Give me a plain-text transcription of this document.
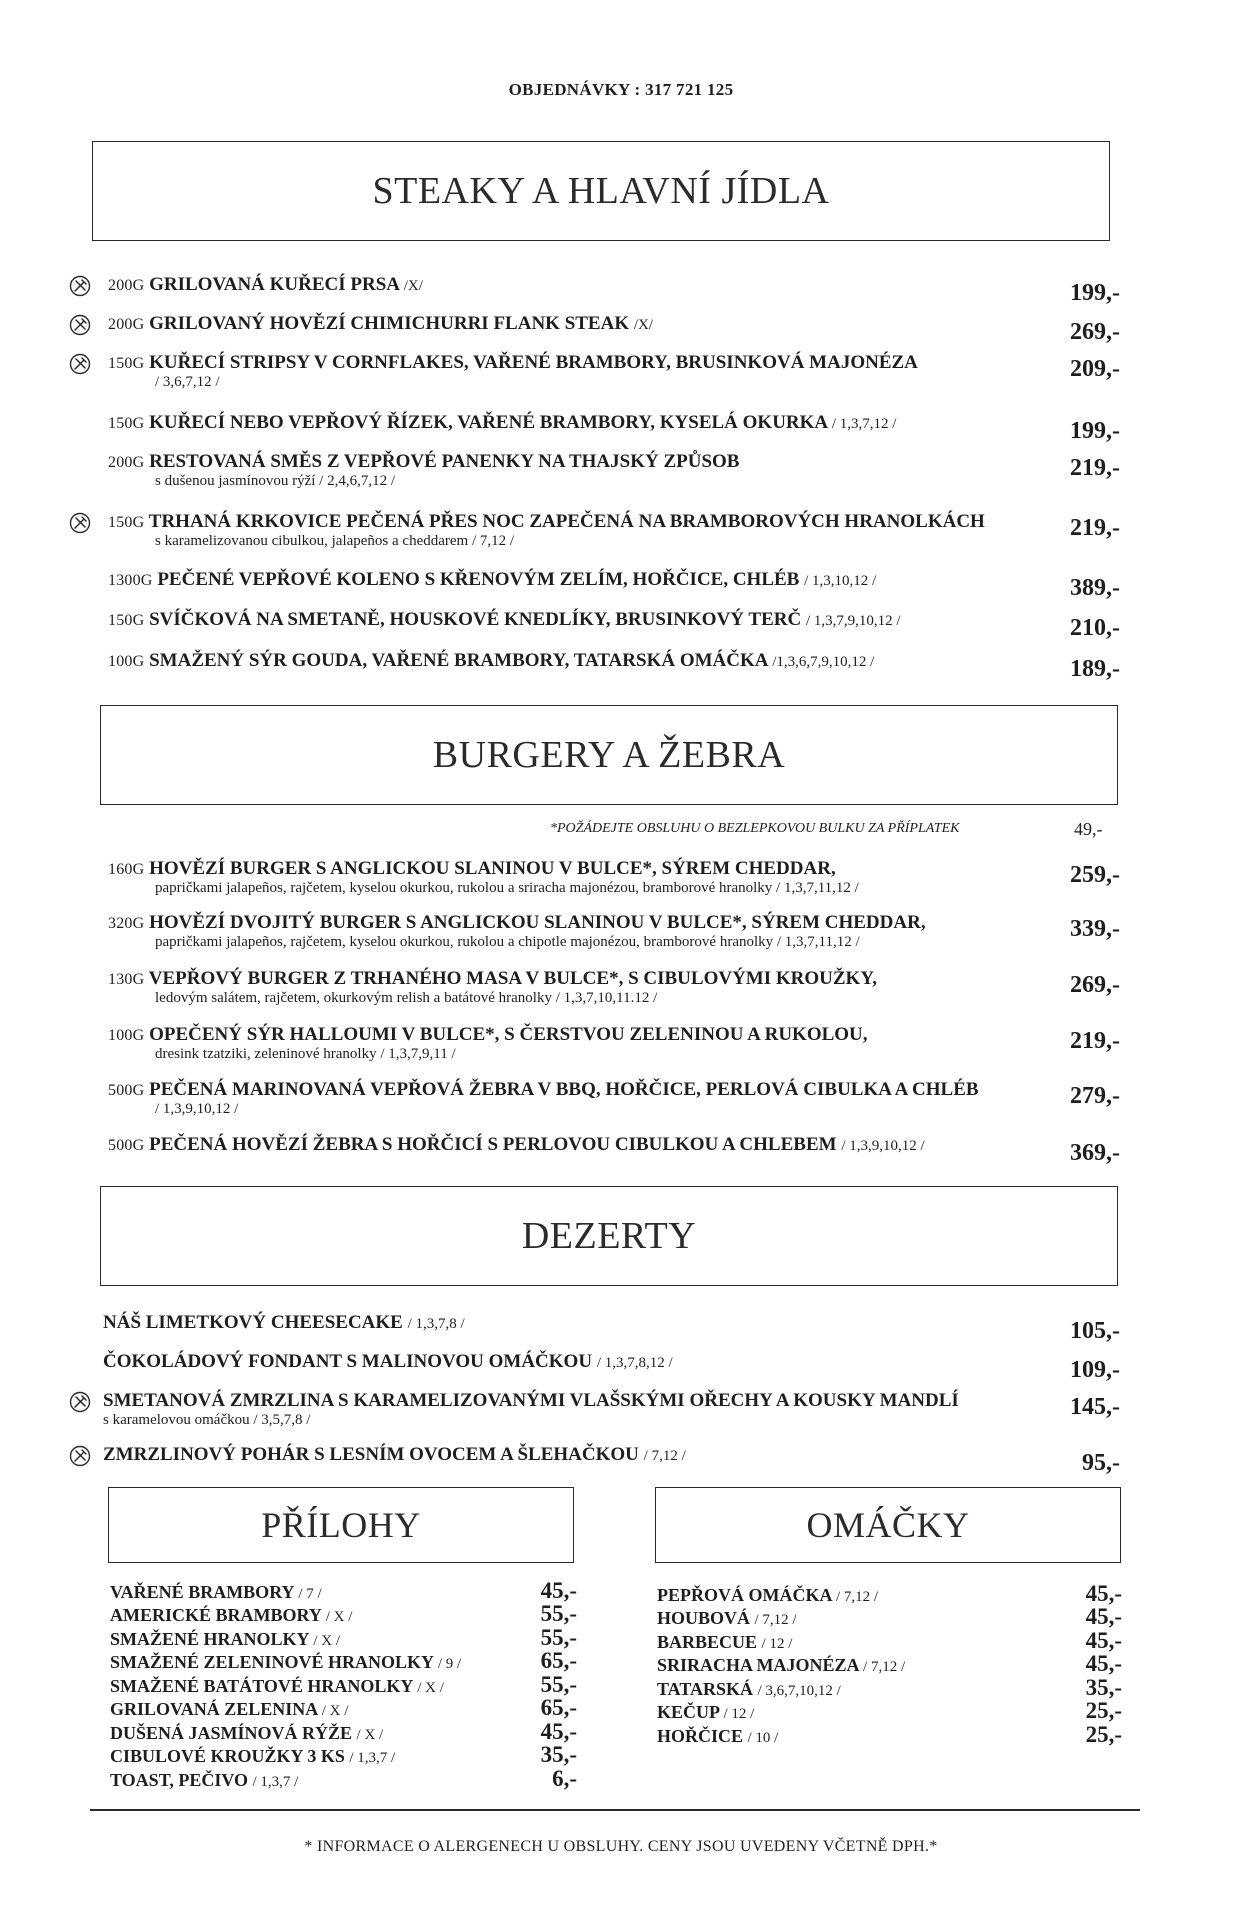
OBJEDNÁVKY : 317 721 125
STEAKY A HLAVNÍ JÍDLA
200G GRILOVANÁ KUŘECÍ PRSA /X/	199,-
200G GRILOVANÝ HOVĚZÍ CHIMICHURRI FLANK STEAK /X/	269,-
150G KUŘECÍ STRIPSY V CORNFLAKES, VAŘENÉ BRAMBORY, BRUSINKOVÁ MAJONÉZA
/ 3,6,7,12 /	209,-
150G KUŘECÍ NEBO VEPŘOVÝ ŘÍZEK, VAŘENÉ BRAMBORY, KYSELÁ OKURKA / 1,3,7,12 /	199,-
200G RESTOVANÁ SMĚS Z VEPŘOVÉ PANENKY NA THAJSKÝ ZPŮSOB
s dušenou jasmínovou rýží / 2,4,6,7,12 /	219,-
150G TRHANÁ KRKOVICE PEČENÁ PŘES NOC ZAPEČENÁ NA BRAMBOROVÝCH HRANOLKÁCH
s karamelizovanou cibulkou, jalapeños a cheddarem / 7,12 /	219,-
1300G PEČENÉ VEPŘOVÉ KOLENO S KŘENOVÝM ZELÍM, HOŘČICE, CHLÉB / 1,3,10,12 /	389,-
150G SVÍČKOVÁ NA SMETANĚ, HOUSKOVÉ KNEDLÍKY, BRUSINKOVÝ TERČ / 1,3,7,9,10,12 /	210,-
100G SMAŽENÝ SÝR GOUDA, VAŘENÉ BRAMBORY, TATARSKÁ OMÁČKA /1,3,6,7,9,10,12 /	189,-
BURGERY A ŽEBRA
*POŽÁDEJTE OBSLUHU O BEZLEPKOVOU BULKU ZA PŘÍPLATEK	49,-
160G HOVĚZÍ BURGER S ANGLICKOU SLANINOU V BULCE*, SÝREM CHEDDAR,
papričkami jalapeños, rajčetem, kyselou okurkou, rukolou a sriracha majonézou, bramborové hranolky / 1,3,7,11,12 /	259,-
320G HOVĚZÍ DVOJITÝ BURGER S ANGLICKOU SLANINOU V BULCE*, SÝREM CHEDDAR,
papričkami jalapeños, rajčetem, kyselou okurkou, rukolou a chipotle majonézou, bramborové hranolky / 1,3,7,11,12 /	339,-
130G VEPŘOVÝ BURGER Z TRHANÉHO MASA V BULCE*, S CIBULOVÝMI KROUŽKY,
ledovým salátem, rajčetem, okurkovým relish a batátové hranolky / 1,3,7,10,11.12 /	269,-
100G OPEČENÝ SÝR HALLOUMI V BULCE*, S ČERSTVOU ZELENINOU A RUKOLOU,
dresink tzatziki, zeleninové hranolky / 1,3,7,9,11 /	219,-
500G PEČENÁ MARINOVANÁ VEPŘOVÁ ŽEBRA V BBQ, HOŘČICE, PERLOVÁ CIBULKA A CHLÉB
/ 1,3,9,10,12 /	279,-
500G PEČENÁ HOVĚZÍ ŽEBRA S HOŘČICÍ S PERLOVOU CIBULKOU A CHLEBEM / 1,3,9,10,12 /	369,-
DEZERTY
NÁŠ LIMETKOVÝ CHEESECAKE / 1,3,7,8 /	105,-
ČOKOLÁDOVÝ FONDANT S MALINOVOU OMÁČKOU / 1,3,7,8,12 /	109,-
SMETANOVÁ ZMRZLINA S KARAMELIZOVANÝMI VLAŠSKÝMI OŘECHY A KOUSKY MANDLÍ
s karamelovou omáčkou / 3,5,7,8 /	145,-
ZMRZLINOVÝ POHÁR S LESNÍM OVOCEM A ŠLEHAČKOU / 7,12 /	95,-
PŘÍLOHY	OMÁČKY
VAŘENÉ BRAMBORY / 7 /	45,-
AMERICKÉ BRAMBORY / X /	55,-
SMAŽENÉ HRANOLKY / X /	55,-
SMAŽENÉ ZELENINOVÉ HRANOLKY / 9 /	65,-
SMAŽENÉ BATÁTOVÉ HRANOLKY / X /	55,-
GRILOVANÁ ZELENINA / X /	65,-
DUŠENÁ JASMÍNOVÁ RÝŽE / X /	45,-
CIBULOVÉ KROUŽKY 3 KS / 1,3,7 /	35,-
TOAST, PEČIVO / 1,3,7 /	6,-
PEPŘOVÁ OMÁČKA / 7,12 /	45,-
HOUBOVÁ / 7,12 /	45,-
BARBECUE / 12 /	45,-
SRIRACHA MAJONÉZA / 7,12 /	45,-
TATARSKÁ / 3,6,7,10,12 /	35,-
KEČUP / 12 /	25,-
HOŘČICE / 10 /	25,-
* INFORMACE O ALERGENECH U OBSLUHY. CENY JSOU UVEDENY VČETNĚ DPH.*
